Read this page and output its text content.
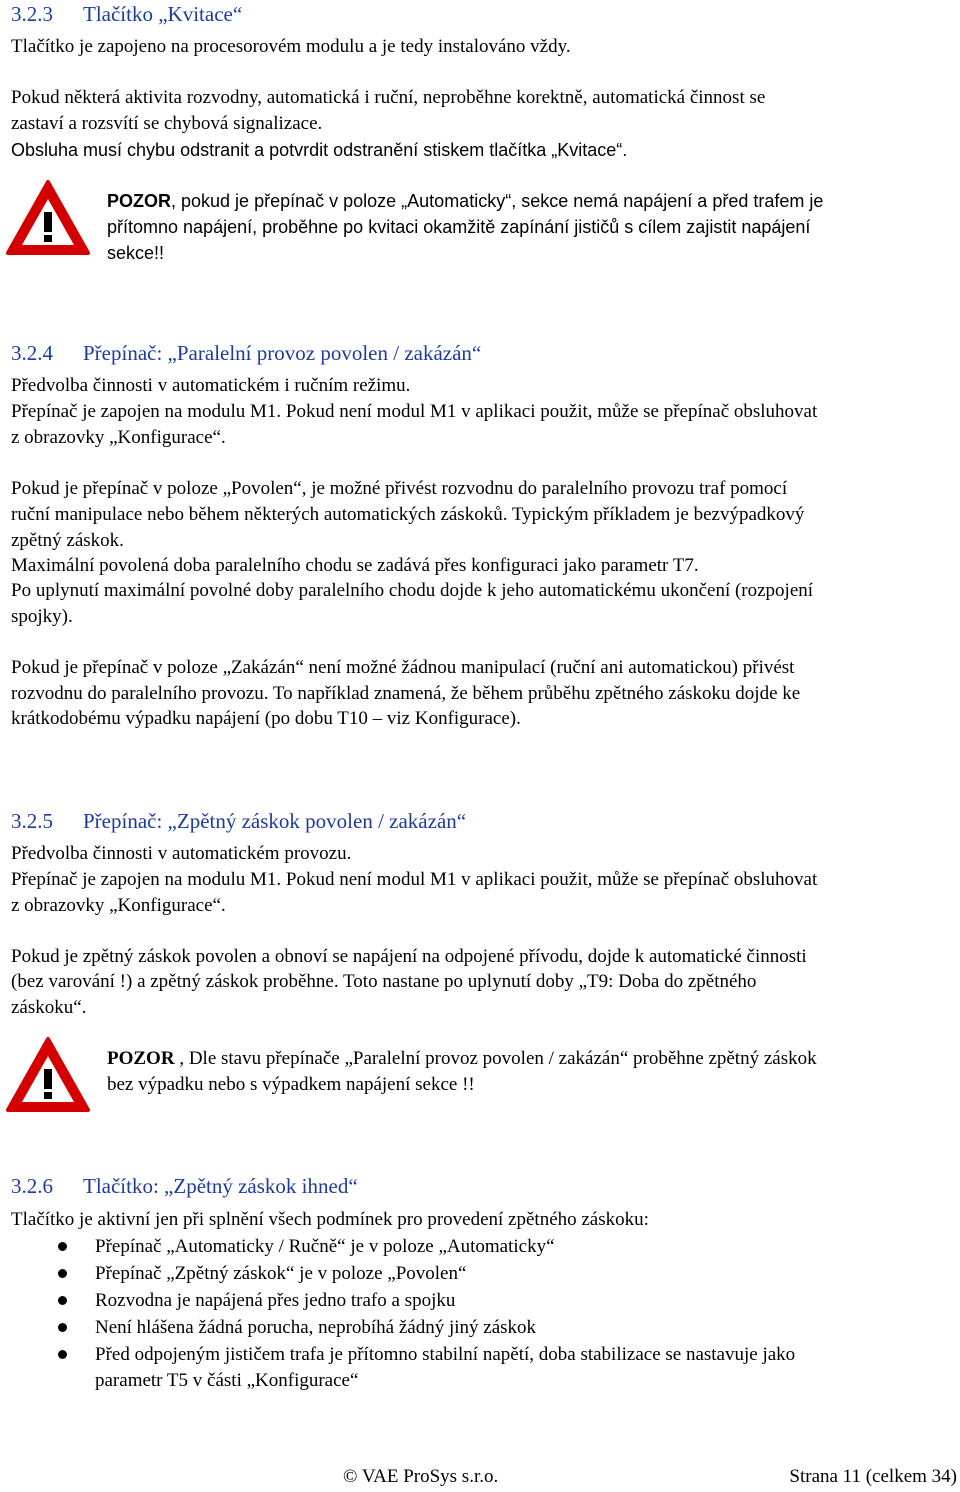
3.2.3 Tlačítko „Kvitace“
Tlačítko je zapojeno na procesorovém modulu a je tedy instalováno vždy.
Pokud některá aktivita rozvodny, automatická i ruční, neproběhne korektně, automatická činnost se
zastaví a rozsvítí se chybová signalizace.
Obsluha musí chybu odstranit a potvrdit odstranění stiskem tlačítka „Kvitace“.
POZOR, pokud je přepínač v poloze „Automaticky“, sekce nemá napájení a před trafem je
přítomno napájení, proběhne po kvitaci okamžitě zapínání jističů s cílem zajistit napájení
sekce!!
3.2.4 Přepínač: „Paralelní provoz povolen / zakázán“
Předvolba činnosti v automatickém i ručním režimu.
Přepínač je zapojen na modulu M1. Pokud není modul M1 v aplikaci použit, může se přepínač obsluhovat
z obrazovky „Konfigurace“.
Pokud je přepínač v poloze „Povolen“, je možné přivést rozvodnu do paralelního provozu traf pomocí
ruční manipulace nebo během některých automatických záskoků. Typickým příkladem je bezvýpadkový
zpětný záskok.
Maximální povolená doba paralelního chodu se zadává přes konfiguraci jako parametr T7.
Po uplynutí maximální povolné doby paralelního chodu dojde k jeho automatickému ukončení (rozpojení
spojky).
Pokud je přepínač v poloze „Zakázán“ není možné žádnou manipulací (ruční ani automatickou) přivést
rozvodnu do paralelního provozu. To například znamená, že během průběhu zpětného záskoku dojde ke
krátkodobému výpadku napájení (po dobu T10 – viz Konfigurace).
3.2.5 Přepínač: „Zpětný záskok povolen / zakázán“
Předvolba činnosti v automatickém provozu.
Přepínač je zapojen na modulu M1. Pokud není modul M1 v aplikaci použit, může se přepínač obsluhovat
z obrazovky „Konfigurace“.
Pokud je zpětný záskok povolen a obnoví se napájení na odpojené přívodu, dojde k automatické činnosti
(bez varování !) a zpětný záskok proběhne. Toto nastane po uplynutí doby „T9: Doba do zpětného
záskoku“.
POZOR , Dle stavu přepínače „Paralelní provoz povolen / zakázán“ proběhne zpětný záskok
bez výpadku nebo s výpadkem napájení sekce !!
3.2.6 Tlačítko: „Zpětný záskok ihned“
Tlačítko je aktivní jen při splnění všech podmínek pro provedení zpětného záskoku:
Přepínač „Automaticky / Ručně“ je v poloze „Automaticky“
Přepínač „Zpětný záskok“ je v poloze „Povolen“
Rozvodna je napájená přes jedno trafo a spojku
Není hlášena žádná porucha, neprobíhá žádný jiný záskok
Před odpojeným jističem trafa je přítomno stabilní napětí, doba stabilizace se nastavuje jako
parametr T5 v části „Konfigurace“
© VAE ProSys s.r.o.	Strana 11 (celkem 34)
